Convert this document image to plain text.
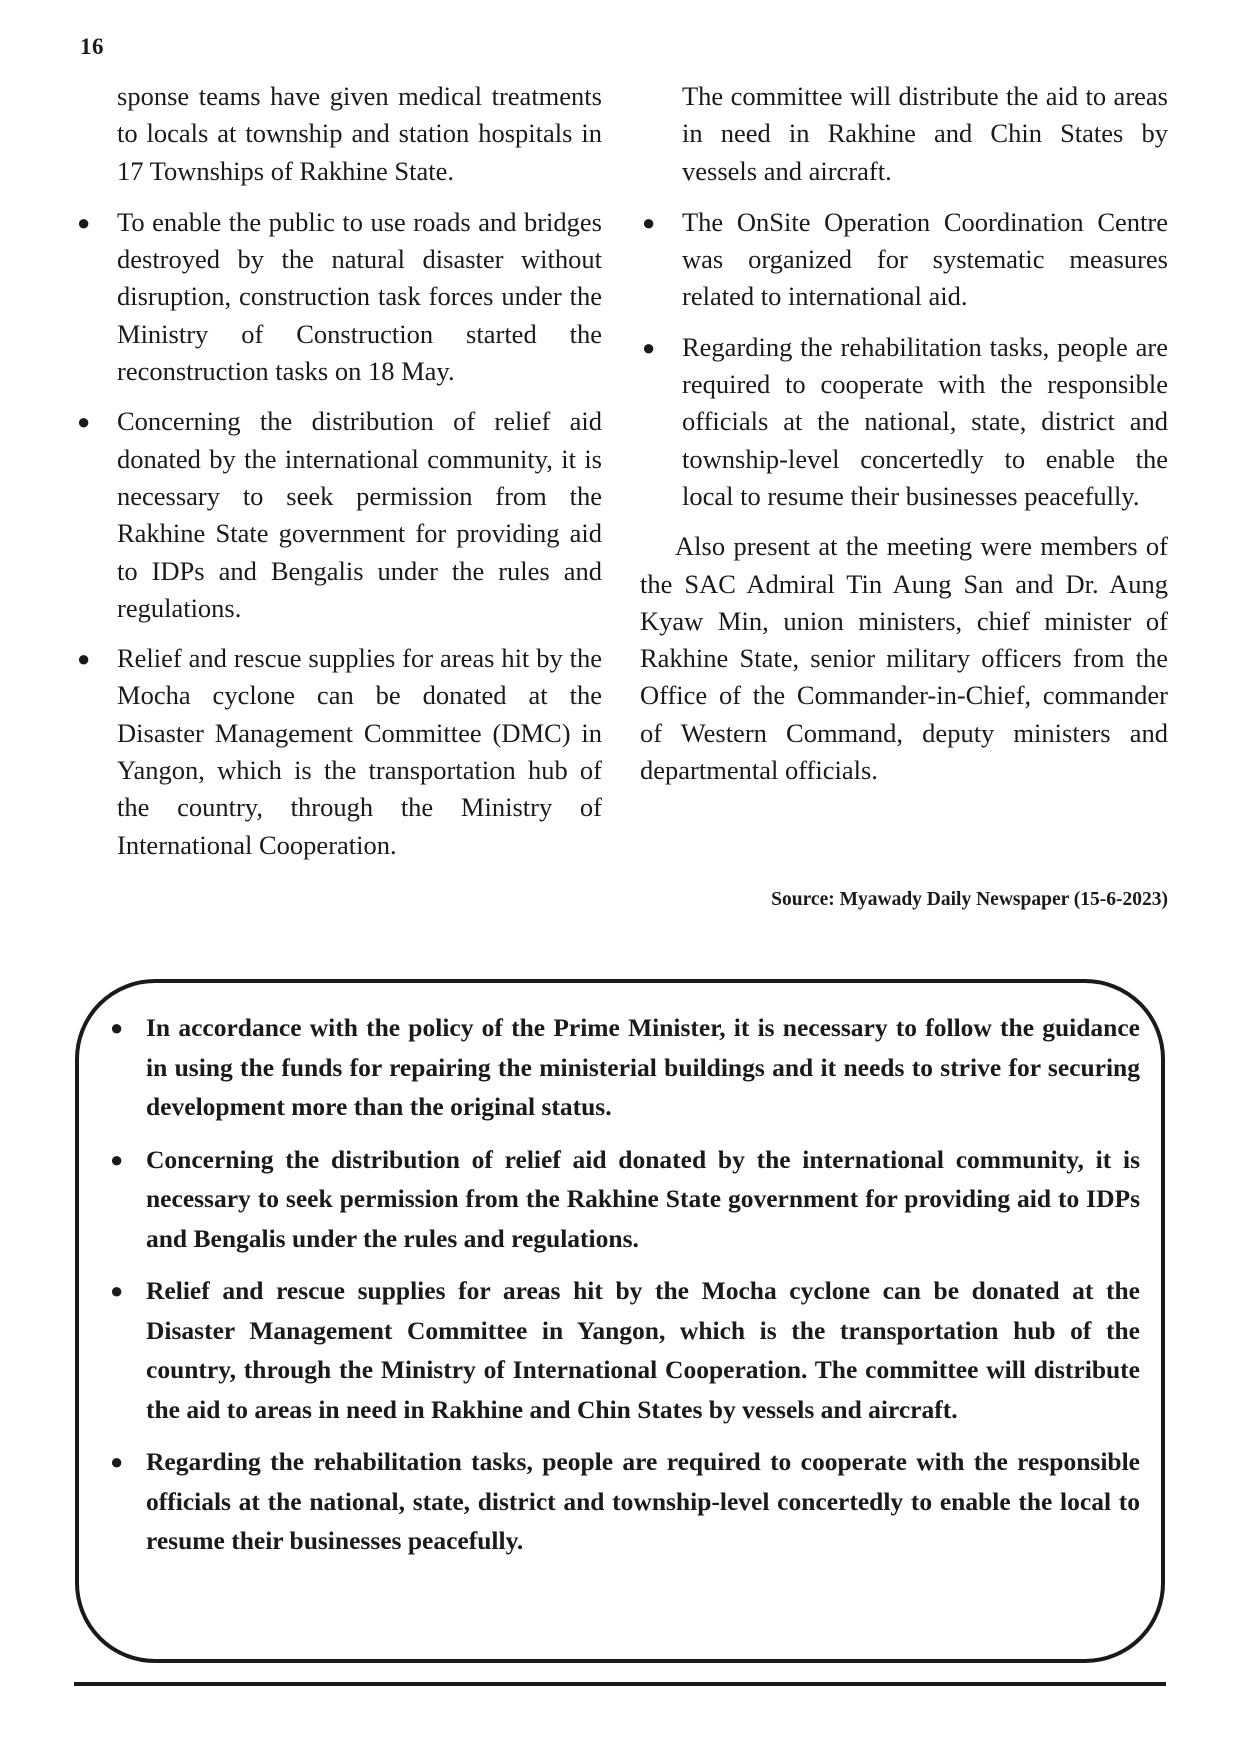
16

sponse teams have given medical treatments to locals at township and station hospitals in 17 Townships of Rakhine State.

● To enable the public to use roads and bridges destroyed by the natural disaster without disruption, construction task forces under the Ministry of Construction started the reconstruction tasks on 18 May.
● Concerning the distribution of relief aid donated by the international community, it is necessary to seek permission from the Rakhine State government for providing aid to IDPs and Bengalis under the rules and regulations.
● Relief and rescue supplies for areas hit by the Mocha cyclone can be donated at the Disaster Management Committee (DMC) in Yangon, which is the transportation hub of the country, through the Ministry of International Cooperation.

The committee will distribute the aid to areas in need in Rakhine and Chin States by vessels and aircraft.

● The OnSite Operation Coordination Centre was organized for systematic measures related to international aid.
● Regarding the rehabilitation tasks, people are required to cooperate with the responsible officials at the national, state, district and township-level concertedly to enable the local to resume their businesses peacefully.

Also present at the meeting were members of the SAC Admiral Tin Aung San and Dr. Aung Kyaw Min, union ministers, chief minister of Rakhine State, senior military officers from the Office of the Commander-in-Chief, commander of Western Command, deputy ministers and departmental officials.

Source: Myawady Daily Newspaper (15-6-2023)
● In accordance with the policy of the Prime Minister, it is necessary to follow the guidance in using the funds for repairing the ministerial buildings and it needs to strive for securing development more than the original status.
● Concerning the distribution of relief aid donated by the international community, it is necessary to seek permission from the Rakhine State government for providing aid to IDPs and Bengalis under the rules and regulations.
● Relief and rescue supplies for areas hit by the Mocha cyclone can be donated at the Disaster Management Committee in Yangon, which is the transportation hub of the country, through the Ministry of International Cooperation. The committee will distribute the aid to areas in need in Rakhine and Chin States by vessels and aircraft.
● Regarding the rehabilitation tasks, people are required to cooperate with the responsible officials at the national, state, district and township-level concertedly to enable the local to resume their businesses peacefully.
